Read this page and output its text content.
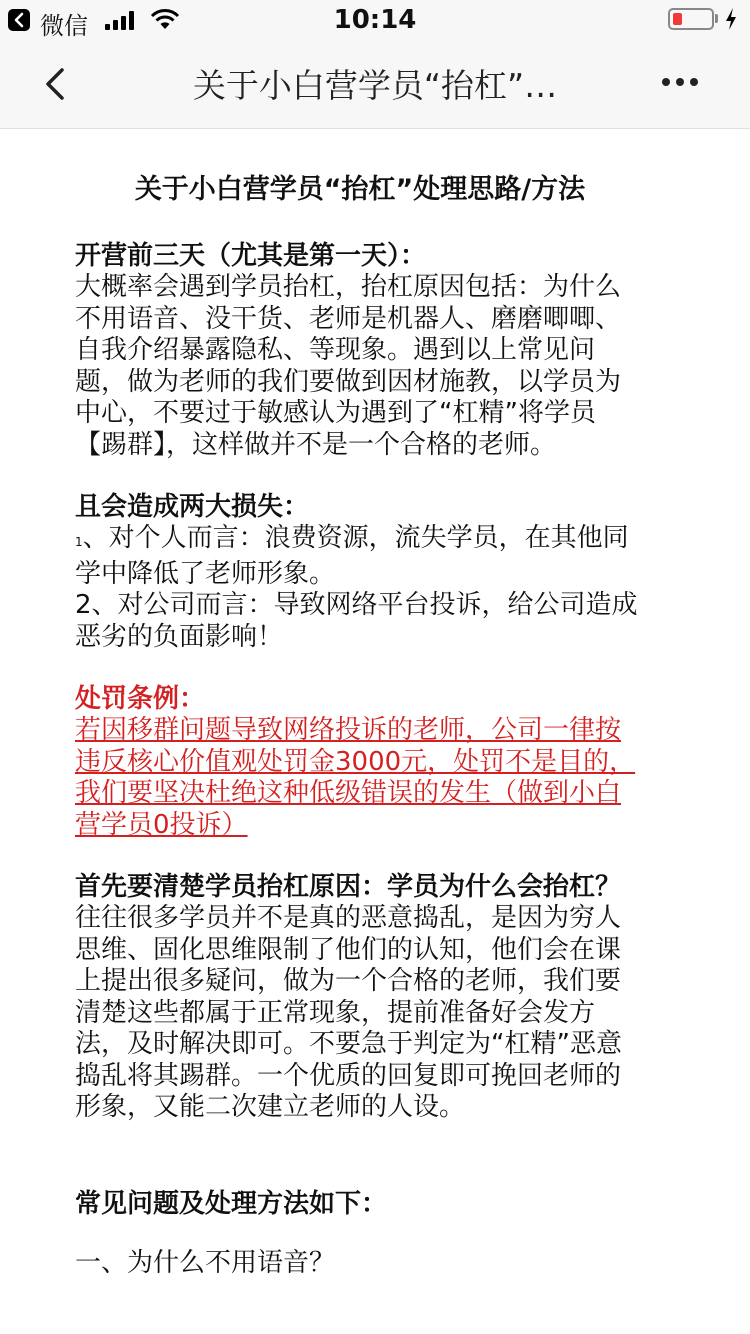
微信	10:14
关于小白营学员“抬杠”…
关于小白营学员“抬杠”处理思路/方法

开营前三天（尤其是第一天）：

大概率会遇到学员抬杠，抬杠原因包括：为什么不用语音、没干货、老师是机器人、磨磨唧唧、自我介绍暴露隐私、等现象。遇到以上常见问题，做为老师的我们要做到因材施教，以学员为中心，不要过于敏感认为遇到了“杠精”将学员【踢群】，这样做并不是一个合格的老师。

且会造成两大损失：

1、对个人而言：浪费资源，流失学员，在其他同学中降低了老师形象。

2、对公司而言：导致网络平台投诉，给公司造成恶劣的负面影响！

处罚条例：

若因移群问题导致网络投诉的老师，公司一律按违反核心价值观处罚金3000元，处罚不是目的，我们要坚决杜绝这种低级错误的发生（做到小白营学员0投诉）

首先要清楚学员抬杠原因：学员为什么会抬杠？

往往很多学员并不是真的恶意捣乱，是因为穷人思维、固化思维限制了他们的认知，他们会在课上提出很多疑问，做为一个合格的老师，我们要清楚这些都属于正常现象，提前准备好会发方法，及时解决即可。不要急于判定为“杠精”恶意捣乱将其踢群。一个优质的回复即可挽回老师的形象，又能二次建立老师的人设。

常见问题及处理方法如下：

一、为什么不用语音？
